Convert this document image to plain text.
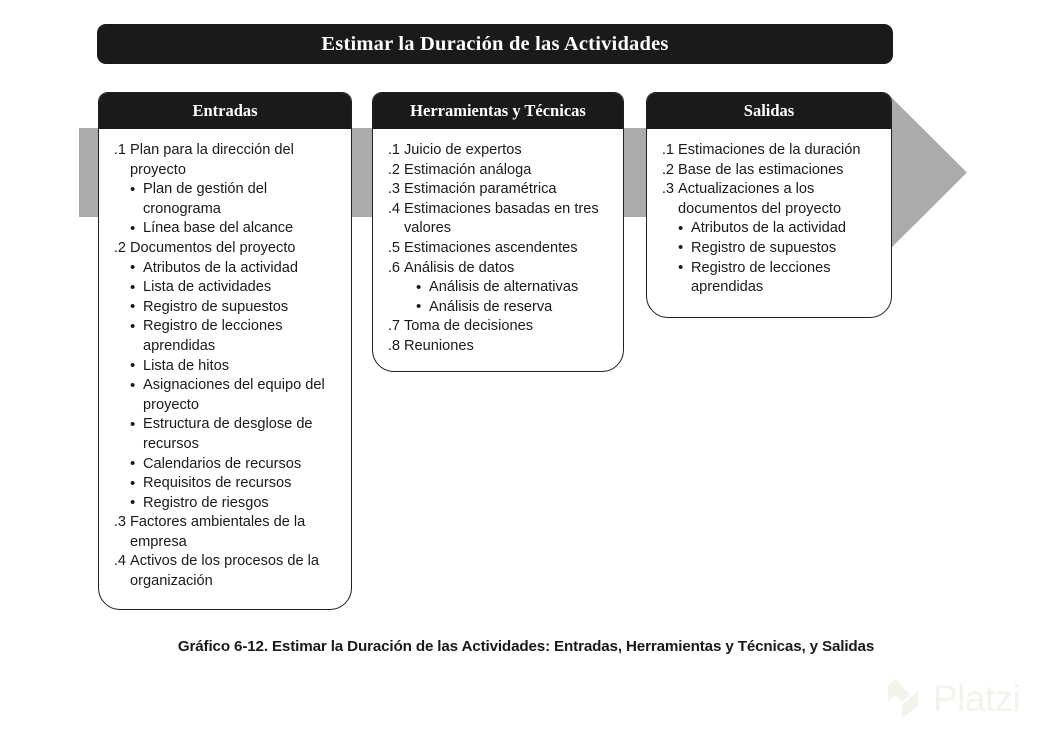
Estimar la Duración de las Actividades
Entradas
.1 Plan para la dirección del proyecto
• Plan de gestión del cronograma
• Línea base del alcance
.2 Documentos del proyecto
• Atributos de la actividad
• Lista de actividades
• Registro de supuestos
• Registro de lecciones aprendidas
• Lista de hitos
• Asignaciones del equipo del proyecto
• Estructura de desglose de recursos
• Calendarios de recursos
• Requisitos de recursos
• Registro de riesgos
.3 Factores ambientales de la empresa
.4 Activos de los procesos de la organización
Herramientas y Técnicas
.1 Juicio de expertos
.2 Estimación análoga
.3 Estimación paramétrica
.4 Estimaciones basadas en tres valores
.5 Estimaciones ascendentes
.6 Análisis de datos
• Análisis de alternativas
• Análisis de reserva
.7 Toma de decisiones
.8 Reuniones
Salidas
.1 Estimaciones de la duración
.2 Base de las estimaciones
.3 Actualizaciones a los documentos del proyecto
• Atributos de la actividad
• Registro de supuestos
• Registro de lecciones aprendidas
Gráfico 6-12. Estimar la Duración de las Actividades: Entradas, Herramientas y Técnicas, y Salidas
Platzi
